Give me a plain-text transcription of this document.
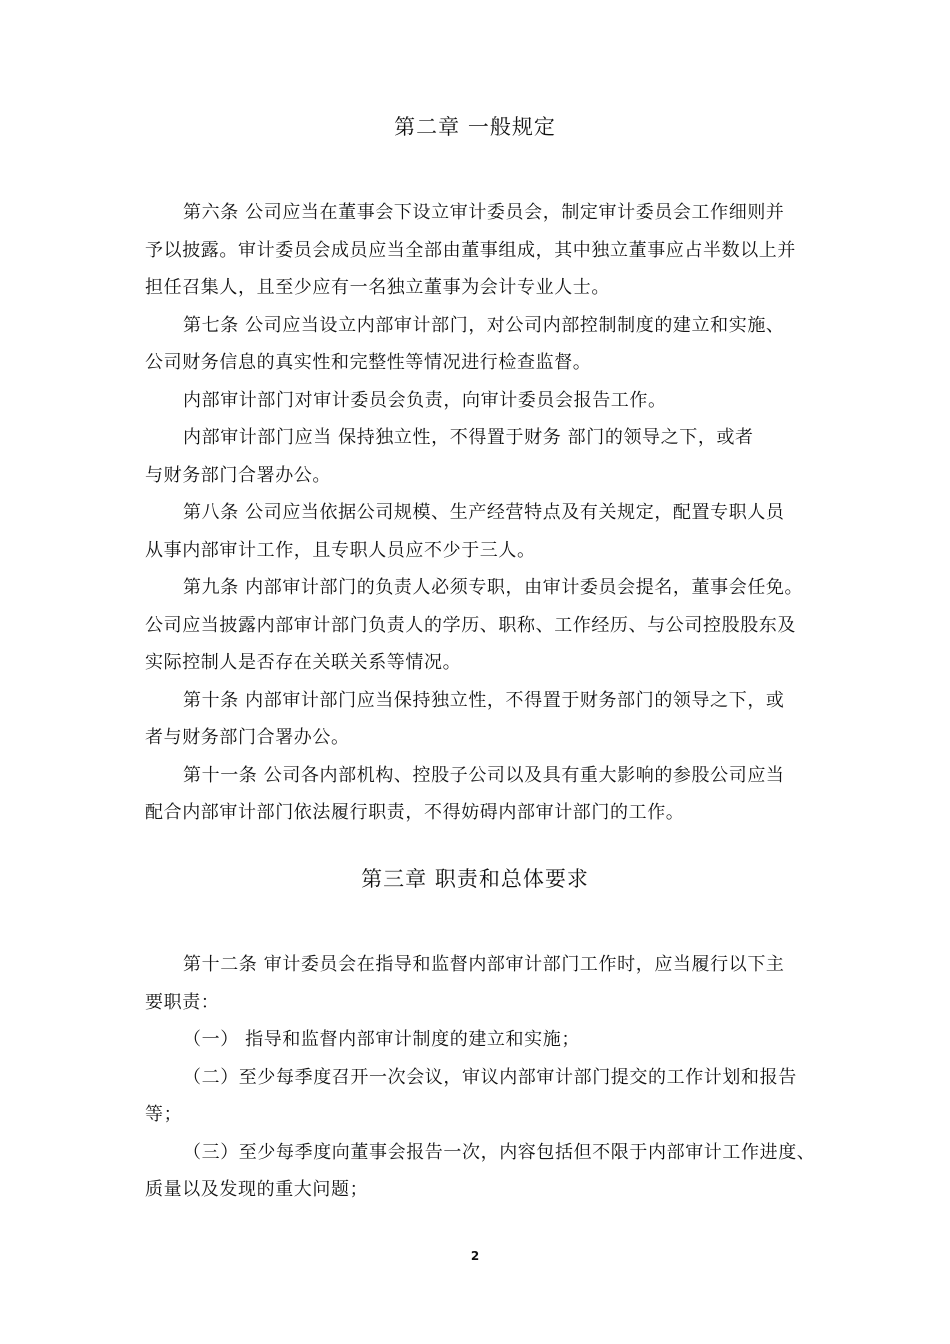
第二章 一般规定
第六条 公司应当在董事会下设立审计委员会，制定审计委员会工作细则并
予以披露。审计委员会成员应当全部由董事组成，其中独立董事应占半数以上并
担任召集人，且至少应有一名独立董事为会计专业人士。
第七条 公司应当设立内部审计部门，对公司内部控制制度的建立和实施、
公司财务信息的真实性和完整性等情况进行检查监督。
内部审计部门对审计委员会负责，向审计委员会报告工作。
内部审计部门应当 保持独立性，不得置于财务 部门的领导之下，或者
与财务部门合署办公。
第八条 公司应当依据公司规模、生产经营特点及有关规定，配置专职人员
从事内部审计工作，且专职人员应不少于三人。
第九条 内部审计部门的负责人必须专职，由审计委员会提名，董事会任免。
公司应当披露内部审计部门负责人的学历、职称、工作经历、与公司控股股东及
实际控制人是否存在关联关系等情况。
第十条 内部审计部门应当保持独立性，不得置于财务部门的领导之下，或
者与财务部门合署办公。
第十一条 公司各内部机构、控股子公司以及具有重大影响的参股公司应当
配合内部审计部门依法履行职责，不得妨碍内部审计部门的工作。
第三章 职责和总体要求
第十二条 审计委员会在指导和监督内部审计部门工作时，应当履行以下主
要职责：
（一） 指导和监督内部审计制度的建立和实施；
（二）至少每季度召开一次会议，审议内部审计部门提交的工作计划和报告
等；
（三）至少每季度向董事会报告一次，内容包括但不限于内部审计工作进度、
质量以及发现的重大问题；
2
